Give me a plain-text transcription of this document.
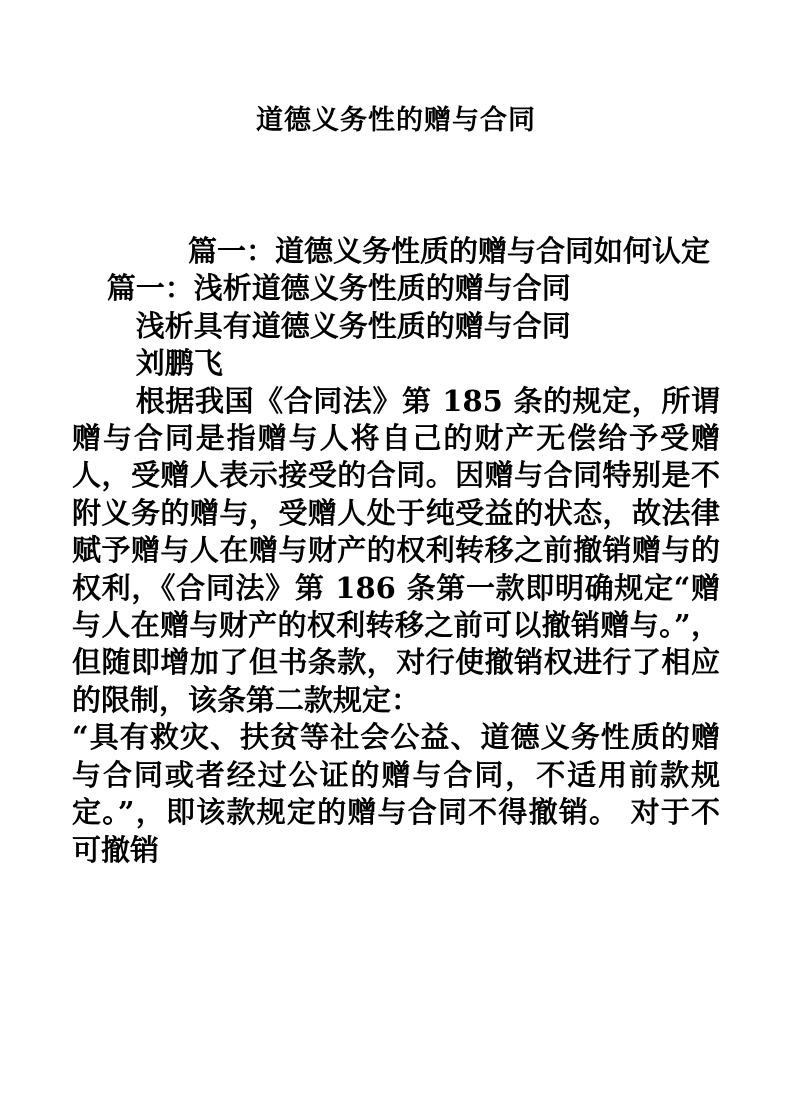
道德义务性的赠与合同

篇一：道德义务性质的赠与合同如何认定

篇一：浅析道德义务性质的赠与合同

浅析具有道德义务性质的赠与合同

刘鹏飞

根据我国《合同法》第 185 条的规定，所谓赠与合同是指赠与人将自己的财产无偿给予受赠人，受赠人表示接受的合同。因赠与合同特别是不附义务的赠与，受赠人处于纯受益的状态，故法律赋予赠与人在赠与财产的权利转移之前撤销赠与的权利，《合同法》第 186 条第一款即明确规定“赠与人在赠与财产的权利转移之前可以撤销赠与。”，但随即增加了但书条款，对行使撤销权进行了相应的限制，该条第二款规定：

“具有救灾、扶贫等社会公益、道德义务性质的赠与合同或者经过公证的赠与合同，不适用前款规定。”，即该款规定的赠与合同不得撤销。 对于不可撤销
